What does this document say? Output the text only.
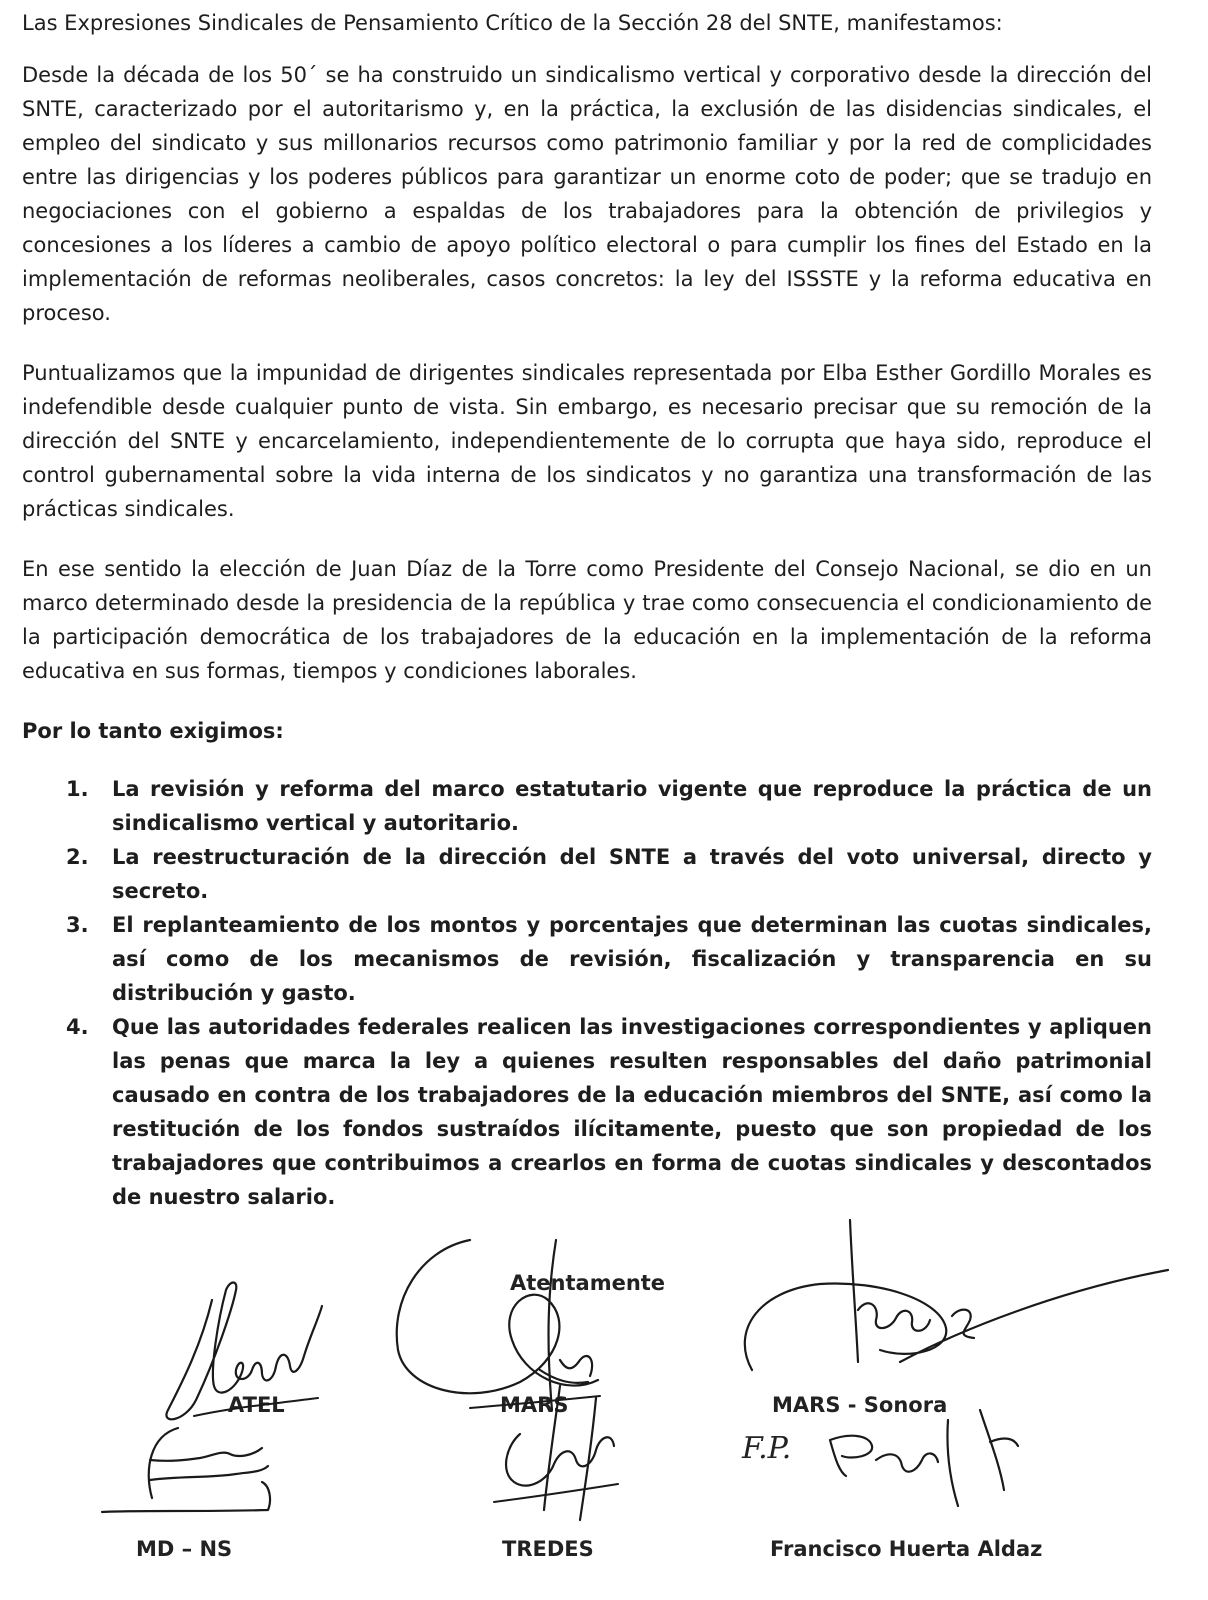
Las Expresiones Sindicales de Pensamiento Crítico de la Sección 28 del SNTE, manifestamos:

Desde la década de los 50´ se ha construido un sindicalismo vertical y corporativo desde la dirección del SNTE, caracterizado por el autoritarismo y, en la práctica, la exclusión de las disidencias sindicales, el empleo del sindicato y sus millonarios recursos como patrimonio familiar y por la red de complicidades entre las dirigencias y los poderes públicos para garantizar un enorme coto de poder; que se tradujo en negociaciones con el gobierno a espaldas de los trabajadores para la obtención de privilegios y concesiones a los líderes a cambio de apoyo político electoral o para cumplir los fines del Estado en la implementación de reformas neoliberales, casos concretos: la ley del ISSSTE y la reforma educativa en proceso.

Puntualizamos que la impunidad de dirigentes sindicales representada por Elba Esther Gordillo Morales es indefendible desde cualquier punto de vista. Sin embargo, es necesario precisar que su remoción de la dirección del SNTE y encarcelamiento, independientemente de lo corrupta que haya sido, reproduce el control gubernamental sobre la vida interna de los sindicatos y no garantiza una transformación de las prácticas sindicales.

En ese sentido la elección de Juan Díaz de la Torre como Presidente del Consejo Nacional, se dio en un marco determinado desde la presidencia de la república y trae como consecuencia el condicionamiento de la participación democrática de los trabajadores de la educación en la implementación de la reforma educativa en sus formas, tiempos y condiciones laborales.

Por lo tanto exigimos:

1. La revisión y reforma del marco estatutario vigente que reproduce la práctica de un sindicalismo vertical y autoritario.
2. La reestructuración de la dirección del SNTE a través del voto universal, directo y secreto.
3. El replanteamiento de los montos y porcentajes que determinan las cuotas sindicales, así como de los mecanismos de revisión, fiscalización y transparencia en su distribución y gasto.
4. Que las autoridades federales realicen las investigaciones correspondientes y apliquen las penas que marca la ley a quienes resulten responsables del daño patrimonial causado en contra de los trabajadores de la educación miembros del SNTE, así como la restitución de los fondos sustraídos ilícitamente, puesto que son propiedad de los trabajadores que contribuimos a crearlos en forma de cuotas sindicales y descontados de nuestro salario.
Atentamente
ATEL	MARS	MARS - Sonora
F.P.
MD – NS	TREDES	Francisco Huerta Aldaz
